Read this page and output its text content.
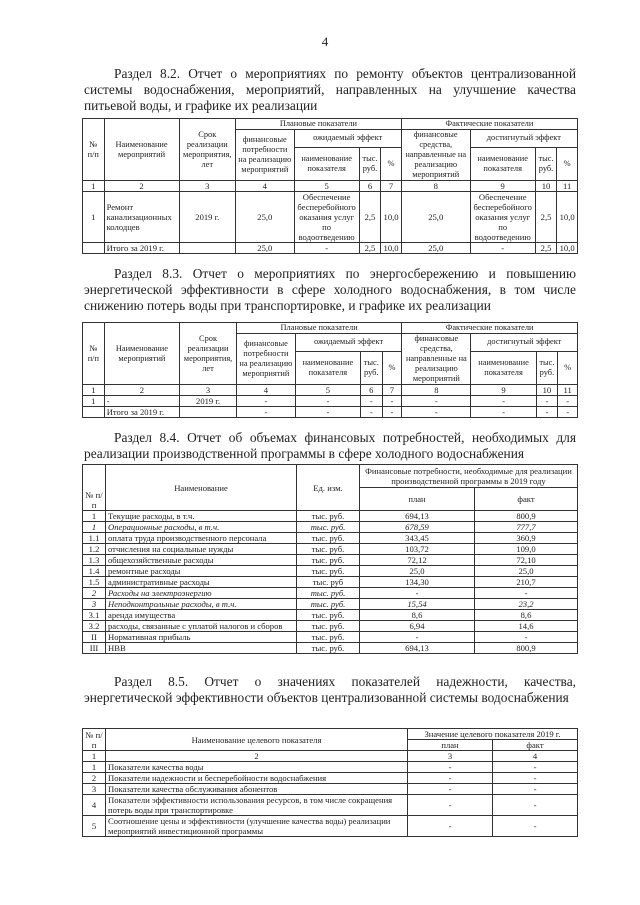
4
Раздел 8.2. Отчет о мероприятиях по ремонту объектов централизованной системы водоснабжения, мероприятий, направленных на улучшение качества питьевой воды, и графике их реализации
№ п/п	Наименование мероприятий	Срок реализации мероприятия, лет	Плановые показатели				Фактические показатели			
			финансовые потребности на реализацию мероприятий	ожидаемый эффект			финансовые средства, направленные на реализацию мероприятий	достигнутый эффект		
				наименование показателя	тыс. руб.	%		наименование показателя	тыс. руб.	%
1	2	3	4	5	6	7	8	9	10	11
1	Ремонт канализационных колодцев	2019 г.	25,0	Обеспечение бесперебойного оказания услуг по водоотведению	2,5	10,0	25,0	Обеспечение бесперебойного оказания услуг по водоотведению	2,5	10,0
	Итого за 2019 г.		25,0	-	2,5	10,0	25,0	-	2,5	10,0
Раздел 8.3. Отчет о мероприятиях по энергосбережению и повышению энергетической эффективности в сфере холодного водоснабжения, в том числе снижению потерь воды при транспортировке, и графике их реализации
№ п/п	Наименование мероприятий	Срок реализации мероприятия, лет	Плановые показатели				Фактические показатели			
			финансовые потребности на реализацию мероприятий	ожидаемый эффект			финансовые средства, направленные на реализацию мероприятий	достигнутый эффект		
				наименование показателя	тыс. руб.	%		наименование показателя	тыс. руб.	%
1	2	3	4	5	6	7	8	9	10	11
1	-	2019 г.	-	-	-	-	-	-	-	-
	Итого за 2019 г.		-	-	-	-	-	-	-	-
Раздел 8.4. Отчет об объемах финансовых потребностей, необходимых для реализации производственной программы в сфере холодного водоснабжения
№ п/п	Наименование	Ед. изм.	Финансовые потребности, необходимые для реализации производственной программы в 2019 году	
			план	факт
1	Текущие расходы, в т.ч.	тыс. руб.	694,13	800,9
1	Операционные расходы, в т.ч.	тыс. руб.	678,59	777,7
1.1	оплата труда производственного персонала	тыс. руб.	343,45	360,9
1.2	отчисления на социальные нужды	тыс. руб.	103,72	109,0
1.3	общехозяйственные расходы	тыс. руб.	72,12	72,10
1.4	ремонтные расходы	тыс. руб.	25,0	25,0
1.5	административные расходы	тыс. руб	134,30	210,7
2	Расходы на электроэнергию	тыс. руб.	-	-
3	Неподконтрольные расходы, в т.ч.	тыс. руб.	15,54	23,2
3.1	аренда имущества	тыс. руб.	8,6	8,6
3.2	расходы, связанные с уплатой налогов и сборов	тыс. руб.	6,94	14,6
II	Нормативная прибыль	тыс. руб.	-	-
III	НВВ	тыс. руб.	694,13	800,9
Раздел 8.5. Отчет о значениях показателей надежности, качества, энергетической эффективности объектов централизованной системы водоснабжения
№ п/п	Наименование целевого показателя	Значение целевого показателя 2019 г.	
		план	факт
1	2	3	4
1	Показатели качества воды	-	-
2	Показатели надежности и бесперебойности водоснабжения	-	-
3	Показатели качества обслуживания абонентов	-	-
4	Показатели эффективности использования ресурсов, в том числе сокращения потерь воды при транспортировке	-	-
5	Соотношение цены и эффективности (улучшение качества воды) реализации мероприятий инвестиционной программы	-	-
